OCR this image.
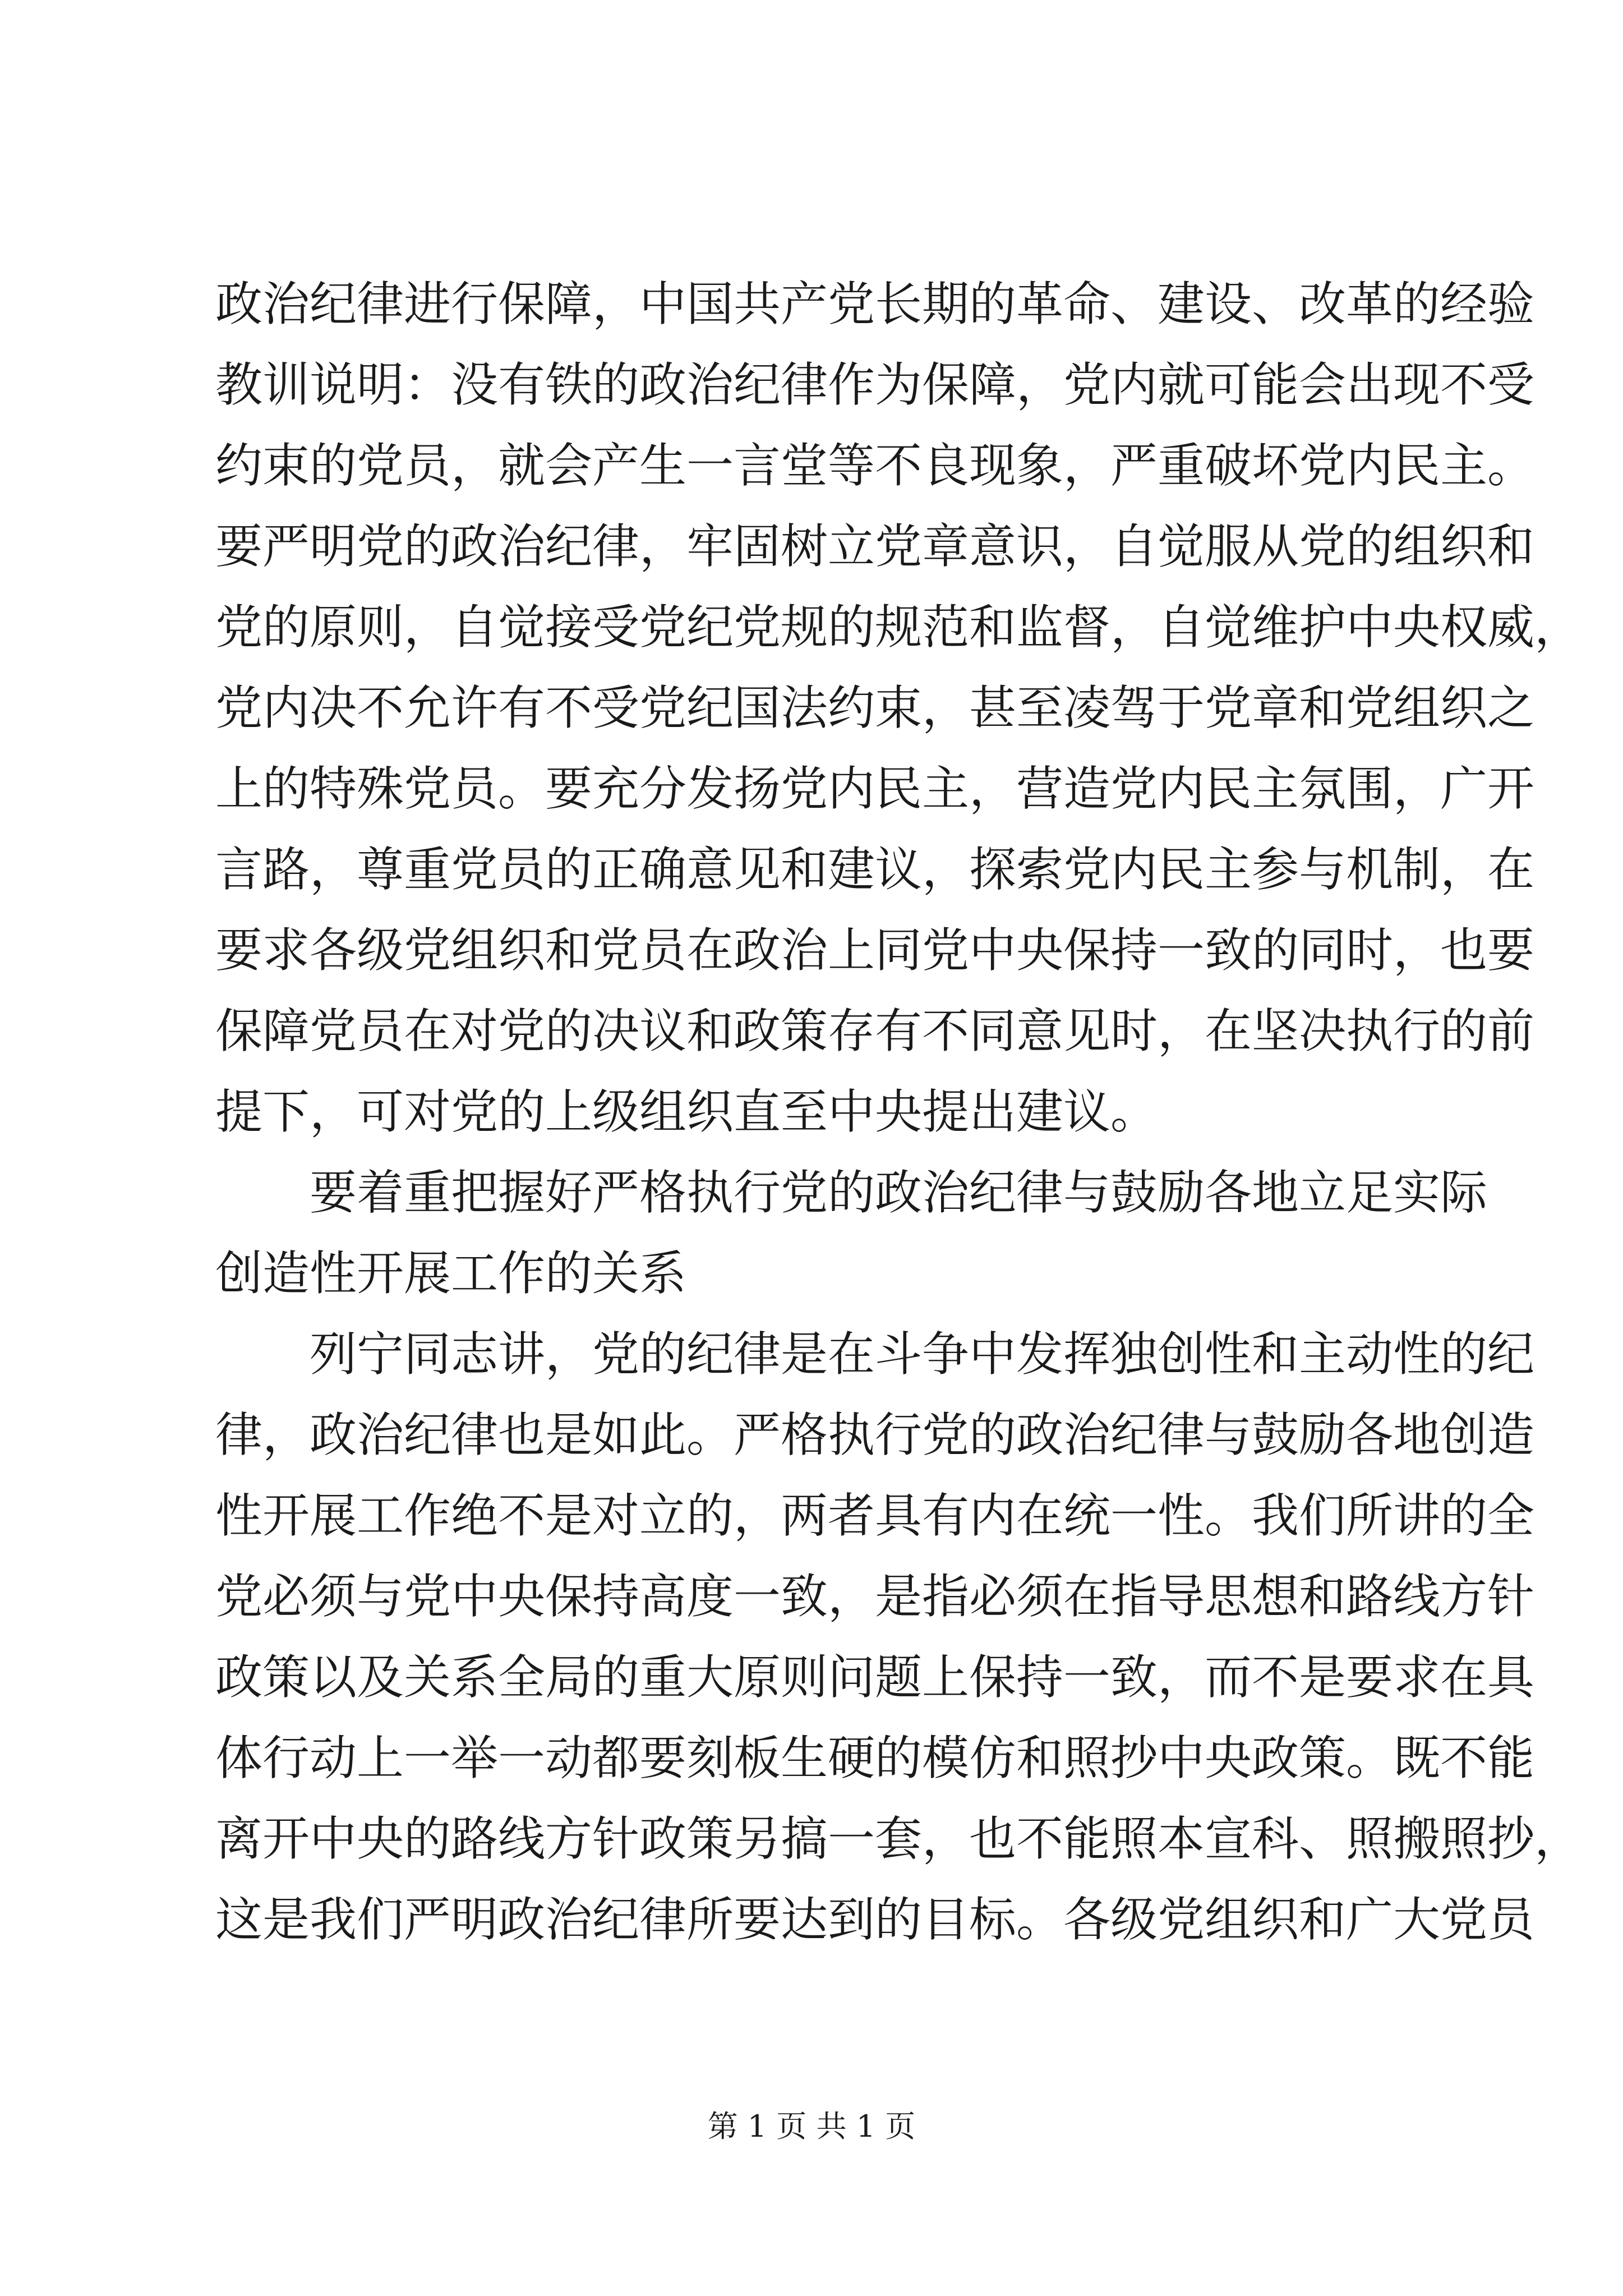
政治纪律进行保障，中国共产党长期的革命、建设、改革的经验
教训说明：没有铁的政治纪律作为保障，党内就可能会出现不受
约束的党员，就会产生一言堂等不良现象，严重破坏党内民主。
要严明党的政治纪律，牢固树立党章意识，自觉服从党的组织和
党的原则，自觉接受党纪党规的规范和监督，自觉维护中央权威，
党内决不允许有不受党纪国法约束，甚至凌驾于党章和党组织之
上的特殊党员。要充分发扬党内民主，营造党内民主氛围，广开
言路，尊重党员的正确意见和建议，探索党内民主参与机制，在
要求各级党组织和党员在政治上同党中央保持一致的同时，也要
保障党员在对党的决议和政策存有不同意见时，在坚决执行的前
提下，可对党的上级组织直至中央提出建议。
要着重把握好严格执行党的政治纪律与鼓励各地立足实际
创造性开展工作的关系
列宁同志讲，党的纪律是在斗争中发挥独创性和主动性的纪
律，政治纪律也是如此。严格执行党的政治纪律与鼓励各地创造
性开展工作绝不是对立的，两者具有内在统一性。我们所讲的全
党必须与党中央保持高度一致，是指必须在指导思想和路线方针
政策以及关系全局的重大原则问题上保持一致，而不是要求在具
体行动上一举一动都要刻板生硬的模仿和照抄中央政策。既不能
离开中央的路线方针政策另搞一套，也不能照本宣科、照搬照抄，
这是我们严明政治纪律所要达到的目标。各级党组织和广大党员
第 1 页 共 1 页
